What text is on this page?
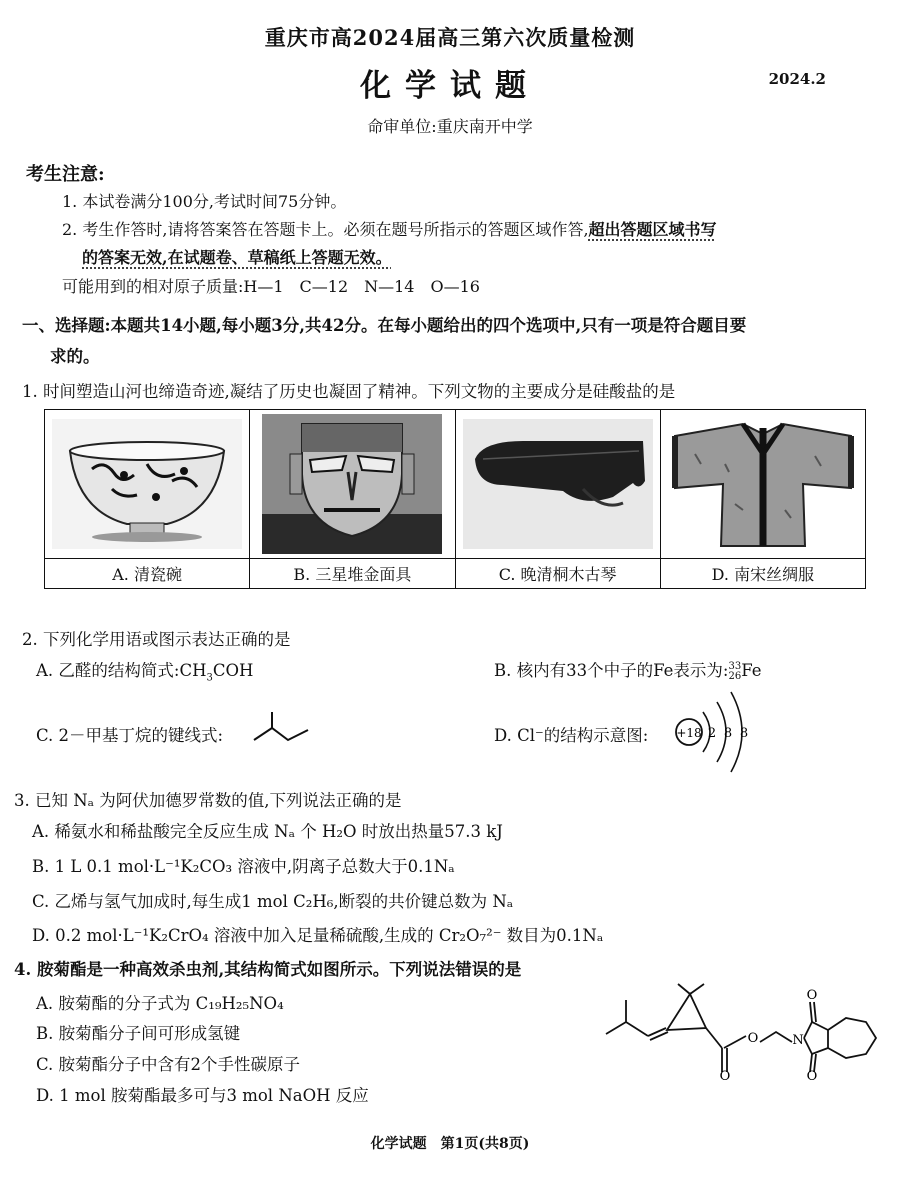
重庆市高2024届高三第六次质量检测
化学试题	2024.2
命审单位:重庆南开中学
考生注意:
1. 本试卷满分100分,考试时间75分钟。
2. 考生作答时,请将答案答在答题卡上。必须在题号所指示的答题区域作答,超出答题区域书写
的答案无效,在试题卷、草稿纸上答题无效。
可能用到的相对原子质量:H—1　C—12　N—14　O—16
一、选择题:本题共14小题,每小题3分,共42分。在每小题给出的四个选项中,只有一项是符合题目要
求的。
1. 时间塑造山河也缔造奇迹,凝结了历史也凝固了精神。下列文物的主要成分是硅酸盐的是
A. 清瓷碗	B. 三星堆金面具	C. 晚清桐木古琴	D. 南宋丝绸服
2. 下列化学用语或图示表达正确的是
A. 乙醛的结构简式$:CH_3COH$	B. 核内有33个中子的Fe表示为:33
26Fe
C. 2－甲基丁烷的键线式:	D. Cl⁻的结构示意图: +18 2 8 8
3. 已知 Nₐ 为阿伏加德罗常数的值,下列说法正确的是
A. 稀氨水和稀盐酸完全反应生成 Nₐ 个 H₂O 时放出热量57.3 kJ
B. 1 L 0.1 mol·L⁻¹K₂CO₃ 溶液中,阴离子总数大于0.1Nₐ
C. 乙烯与氢气加成时,每生成1 mol C₂H₆,断裂的共价键总数为 Nₐ
D. 0.2 mol·L⁻¹K₂CrO₄ 溶液中加入足量稀硫酸,生成的 Cr₂O₇²⁻ 数目为0.1Nₐ
4. 胺菊酯是一种高效杀虫剂,其结构简式如图所示。下列说法错误的是
A. 胺菊酯的分子式为 C₁₉H₂₅NO₄
B. 胺菊酯分子间可形成氢键
C. 胺菊酯分子中含有2个手性碳原子
D. 1 mol 胺菊酯最多可与3 mol NaOH 反应
O
O
N
O
O
化学试题　第1页(共8页)
